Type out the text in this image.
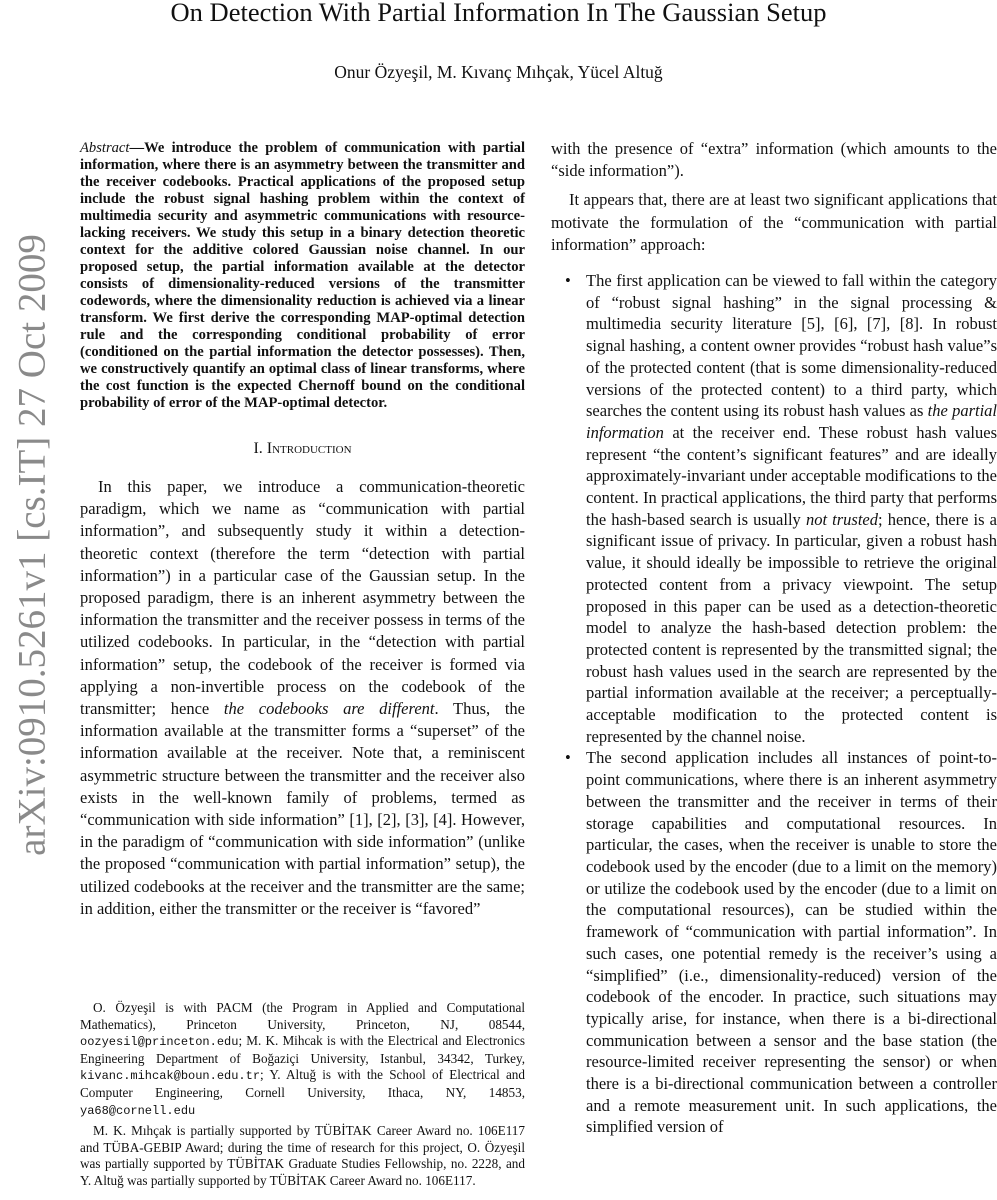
On Detection With Partial Information In The Gaussian Setup
Onur Özyeşil, M. Kıvanç Mıhçak, Yücel Altuğ
arXiv:0910.5261v1 [cs.IT] 27 Oct 2009

Abstract—We introduce the problem of communication with partial information, where there is an asymmetry between the transmitter and the receiver codebooks. Practical applications of the proposed setup include the robust signal hashing problem within the context of multimedia security and asymmetric communications with resource-lacking receivers. We study this setup in a binary detection theoretic context for the additive colored Gaussian noise channel. In our proposed setup, the partial information available at the detector consists of dimensionality-reduced versions of the transmitter codewords, where the dimensionality reduction is achieved via a linear transform. We first derive the corresponding MAP-optimal detection rule and the corresponding conditional probability of error (conditioned on the partial information the detector possesses). Then, we constructively quantify an optimal class of linear transforms, where the cost function is the expected Chernoff bound on the conditional probability of error of the MAP-optimal detector.

I. Introduction

In this paper, we introduce a communication-theoretic paradigm, which we name as “communication with partial information”, and subsequently study it within a detection-theoretic context (therefore the term “detection with partial information”) in a particular case of the Gaussian setup. In the proposed paradigm, there is an inherent asymmetry between the information the transmitter and the receiver possess in terms of the utilized codebooks. In particular, in the “detection with partial information” setup, the codebook of the receiver is formed via applying a non-invertible process on the codebook of the transmitter; hence the codebooks are different. Thus, the information available at the transmitter forms a “superset” of the information available at the receiver. Note that, a reminiscent asymmetric structure between the transmitter and the receiver also exists in the well-known family of problems, termed as “communication with side information” [1], [2], [3], [4]. However, in the paradigm of “communication with side information” (unlike the proposed “communication with partial information” setup), the utilized codebooks at the receiver and the transmitter are the same; in addition, either the transmitter or the receiver is “favored”

O. Özyeşil is with PACM (the Program in Applied and Computational Mathematics), Princeton University, Princeton, NJ, 08544, oozyesil@princeton.edu; M. K. Mihcak is with the Electrical and Electronics Engineering Department of Boğaziçi University, Istanbul, 34342, Turkey, kivanc.mihcak@boun.edu.tr; Y. Altuğ is with the School of Electrical and Computer Engineering, Cornell University, Ithaca, NY, 14853, ya68@cornell.edu

M. K. Mıhçak is partially supported by TÜBİTAK Career Award no. 106E117 and TÜBA-GEBIP Award; during the time of research for this project, O. Özyeşil was partially supported by TÜBİTAK Graduate Studies Fellowship, no. 2228, and Y. Altuğ was partially supported by TÜBİTAK Career Award no. 106E117.

with the presence of “extra” information (which amounts to the “side information”).

It appears that, there are at least two significant applications that motivate the formulation of the “communication with partial information” approach:

• The first application can be viewed to fall within the category of “robust signal hashing” in the signal processing & multimedia security literature [5], [6], [7], [8]. In robust signal hashing, a content owner provides “robust hash value”s of the protected content (that is some dimensionality-reduced versions of the protected content) to a third party, which searches the content using its robust hash values as the partial information at the receiver end. These robust hash values represent “the content’s significant features” and are ideally approximately-invariant under acceptable modifications to the content. In practical applications, the third party that performs the hash-based search is usually not trusted; hence, there is a significant issue of privacy. In particular, given a robust hash value, it should ideally be impossible to retrieve the original protected content from a privacy viewpoint. The setup proposed in this paper can be used as a detection-theoretic model to analyze the hash-based detection problem: the protected content is represented by the transmitted signal; the robust hash values used in the search are represented by the partial information available at the receiver; a perceptually-acceptable modification to the protected content is represented by the channel noise.
• The second application includes all instances of point-to-point communications, where there is an inherent asymmetry between the transmitter and the receiver in terms of their storage capabilities and computational resources. In particular, the cases, when the receiver is unable to store the codebook used by the encoder (due to a limit on the memory) or utilize the codebook used by the encoder (due to a limit on the computational resources), can be studied within the framework of “communication with partial information”. In such cases, one potential remedy is the receiver’s using a “simplified” (i.e., dimensionality-reduced) version of the codebook of the encoder. In practice, such situations may typically arise, for instance, when there is a bi-directional communication between a sensor and the base station (the resource-limited receiver representing the sensor) or when there is a bi-directional communication between a controller and a remote measurement unit. In such applications, the simplified version of
